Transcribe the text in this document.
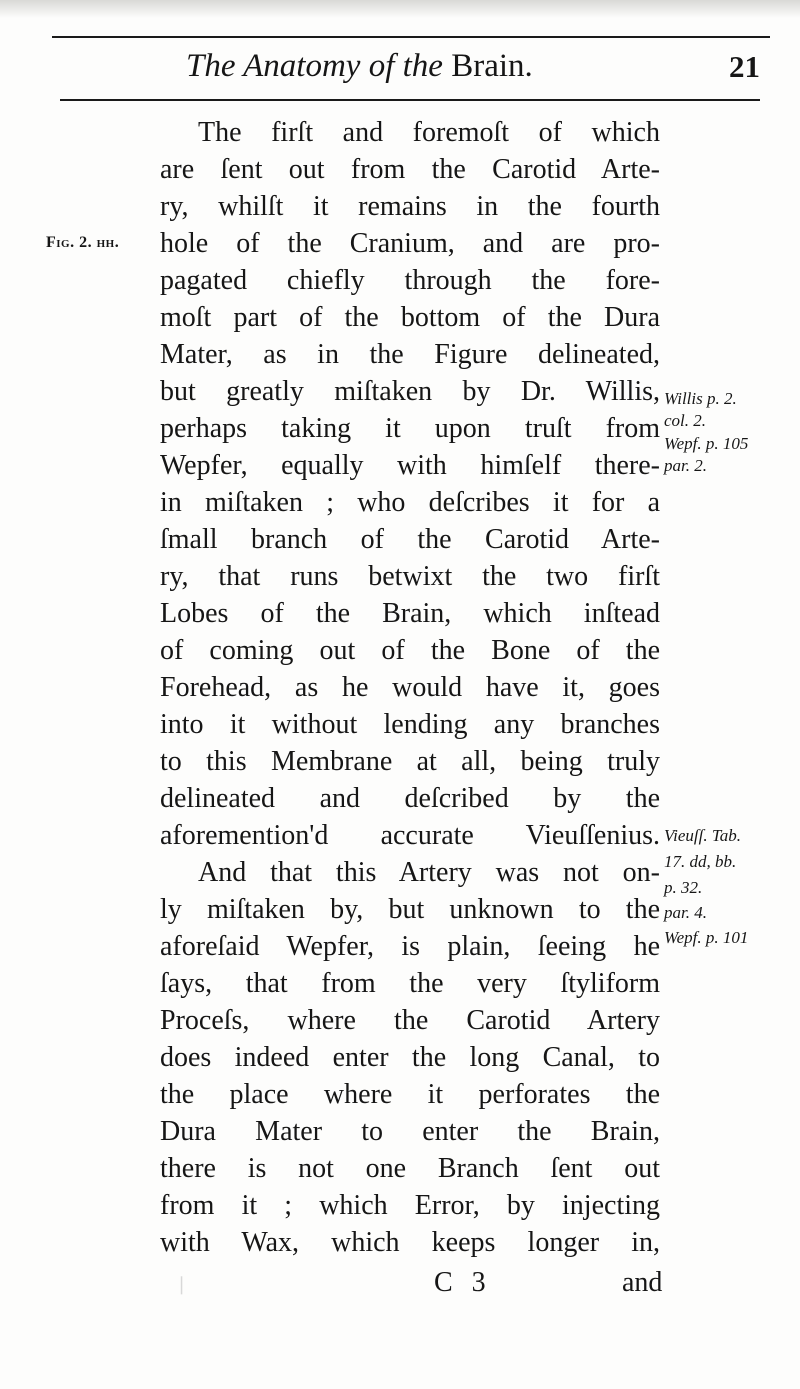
The Anatomy of the Brain.	21
The firſt and foremoſt of which
are ſent out from the Carotid Arte-
ry, whilſt it remains in the fourth
hole of the Cranium, and are pro-
pagated chiefly through the fore-
moſt part of the bottom of the Dura
Mater, as in the Figure delineated,
but greatly miſtaken by Dr. Willis,
perhaps taking it upon truſt from
Wepfer, equally with himſelf there-
in miſtaken ; who deſcribes it for a
ſmall branch of the Carotid Arte-
ry, that runs betwixt the two firſt
Lobes of the Brain, which inſtead
of coming out of the Bone of the
Forehead, as he would have it, goes
into it without lending any branches
to this Membrane at all, being truly
delineated and deſcribed by the
aforemention'd accurate Vieuſſenius.
And that this Artery was not on-
ly miſtaken by, but unknown to the
aforeſaid Wepfer, is plain, ſeeing he
ſays, that from the very ſtyliform
Proceſs, where the Carotid Artery
does indeed enter the long Canal, to
the place where it perforates the
Dura Mater to enter the Brain,
there is not one Branch ſent out
from it ; which Error, by injecting
with Wax, which keeps longer in,
Fig. 2. hh.
Willis p. 2.
col. 2.
Wepf. p. 105
par. 2.
Vieuſſ. Tab.
17. dd, bb.
p. 32.
par. 4.
Wepf. p. 101
❘	C 3	and
